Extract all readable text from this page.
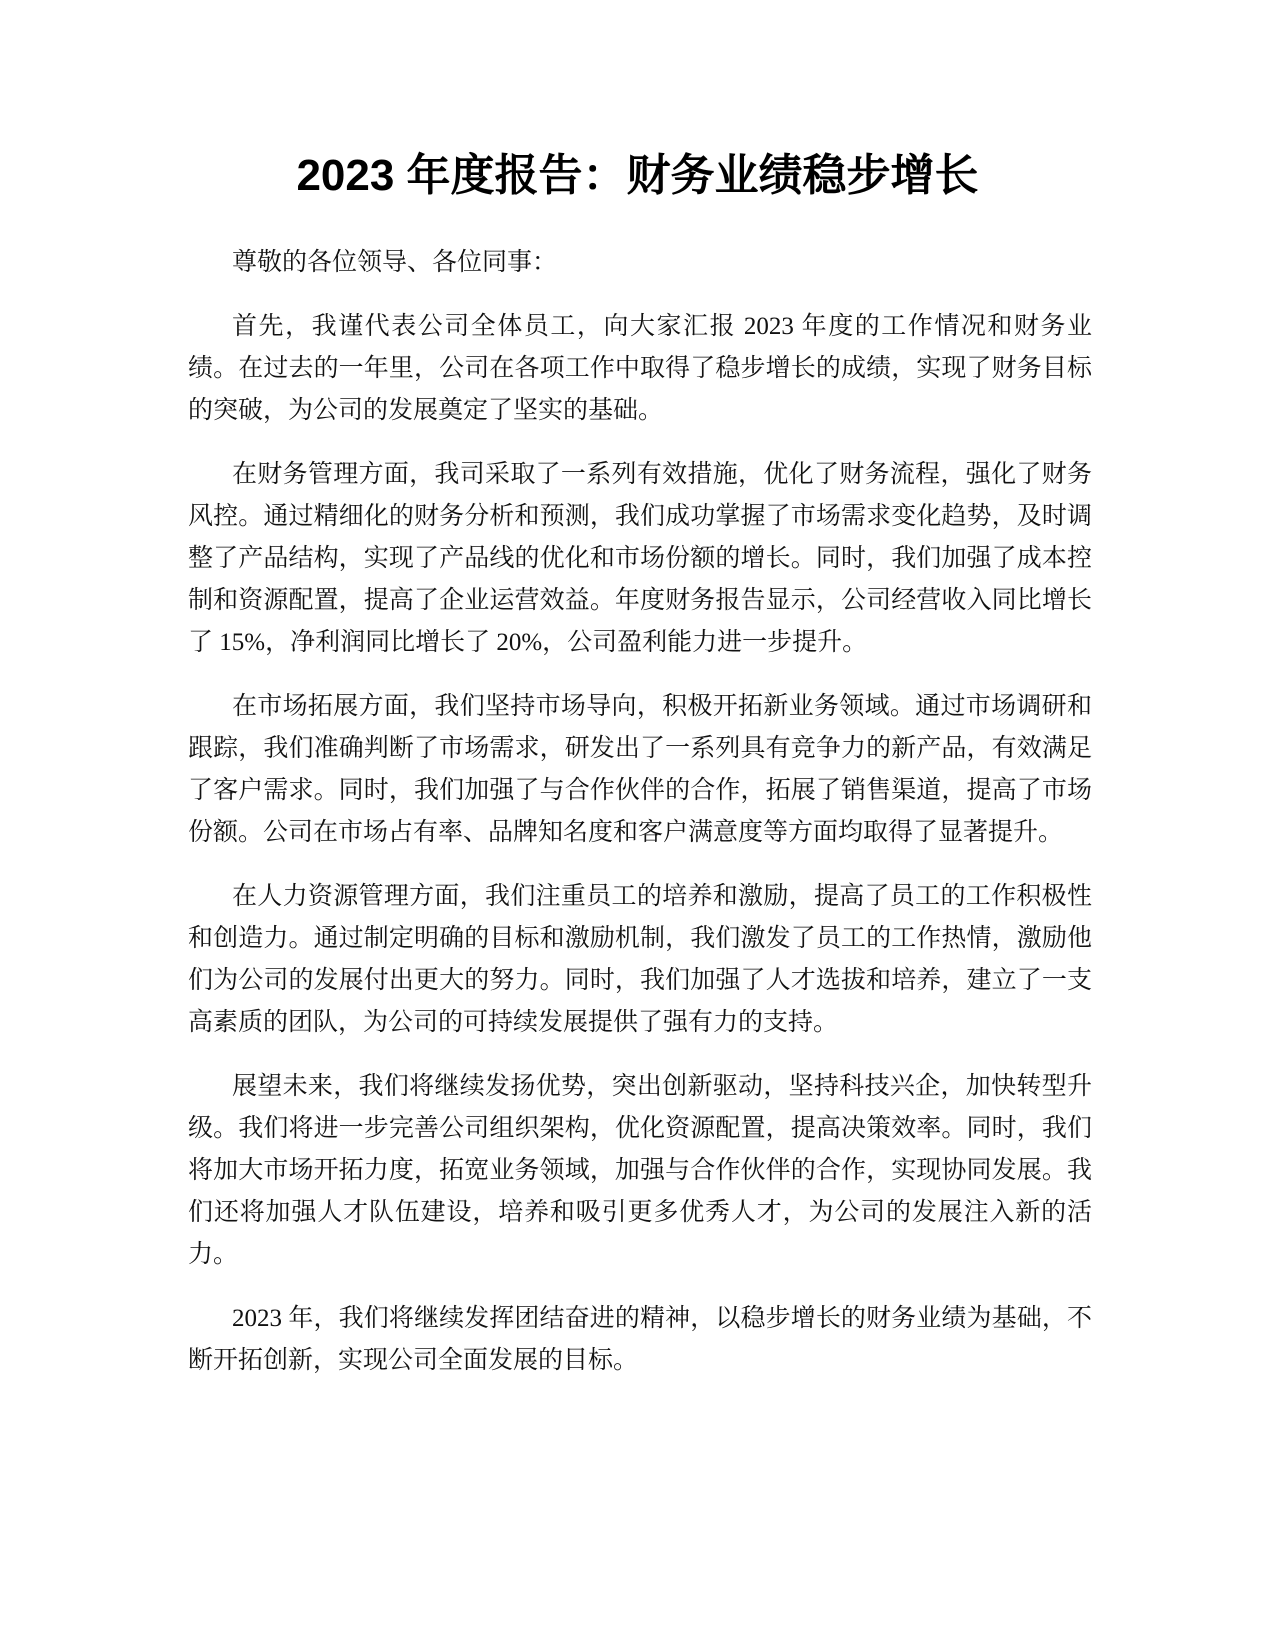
2023 年度报告：财务业绩稳步增长

尊敬的各位领导、各位同事：

首先，我谨代表公司全体员工，向大家汇报 2023 年度的工作情况和财务业绩。在过去的一年里，公司在各项工作中取得了稳步增长的成绩，实现了财务目标的突破，为公司的发展奠定了坚实的基础。

在财务管理方面，我司采取了一系列有效措施，优化了财务流程，强化了财务风控。通过精细化的财务分析和预测，我们成功掌握了市场需求变化趋势，及时调整了产品结构，实现了产品线的优化和市场份额的增长。同时，我们加强了成本控制和资源配置，提高了企业运营效益。年度财务报告显示，公司经营收入同比增长了 15%，净利润同比增长了 20%，公司盈利能力进一步提升。

在市场拓展方面，我们坚持市场导向，积极开拓新业务领域。通过市场调研和跟踪，我们准确判断了市场需求，研发出了一系列具有竞争力的新产品，有效满足了客户需求。同时，我们加强了与合作伙伴的合作，拓展了销售渠道，提高了市场份额。公司在市场占有率、品牌知名度和客户满意度等方面均取得了显著提升。

在人力资源管理方面，我们注重员工的培养和激励，提高了员工的工作积极性和创造力。通过制定明确的目标和激励机制，我们激发了员工的工作热情，激励他们为公司的发展付出更大的努力。同时，我们加强了人才选拔和培养，建立了一支高素质的团队，为公司的可持续发展提供了强有力的支持。

展望未来，我们将继续发扬优势，突出创新驱动，坚持科技兴企，加快转型升级。我们将进一步完善公司组织架构，优化资源配置，提高决策效率。同时，我们将加大市场开拓力度，拓宽业务领域，加强与合作伙伴的合作，实现协同发展。我们还将加强人才队伍建设，培养和吸引更多优秀人才，为公司的发展注入新的活力。

2023 年，我们将继续发挥团结奋进的精神，以稳步增长的财务业绩为基础，不断开拓创新，实现公司全面发展的目标。
